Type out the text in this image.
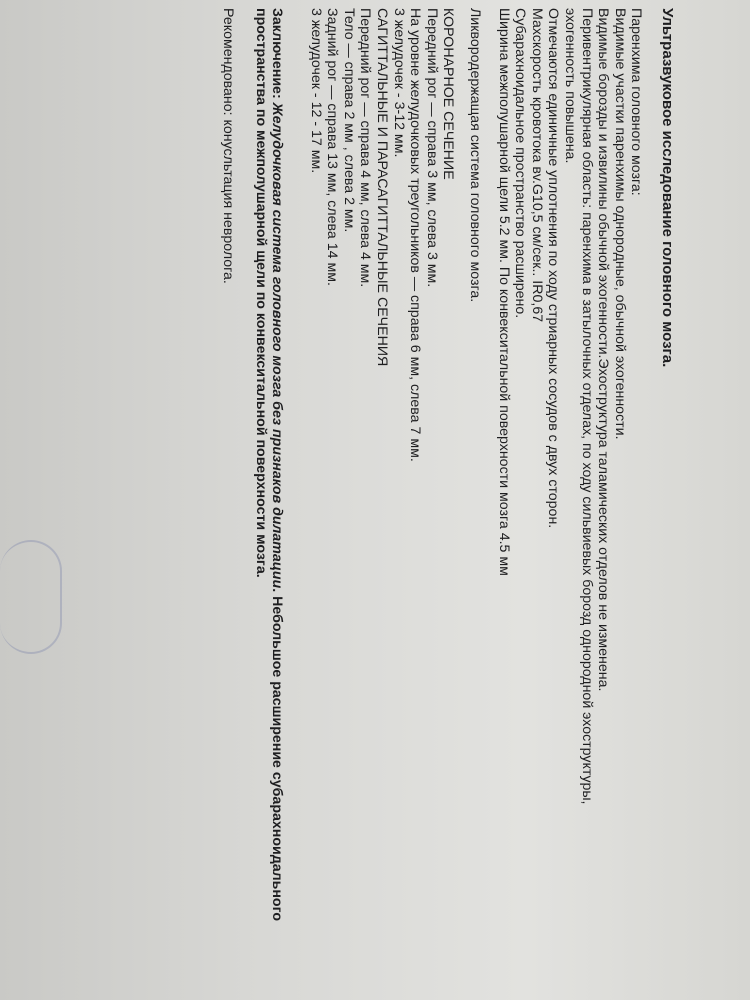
Ультразвуковое исследование головного мозга.
Паренхима головного мозга:
Видимые участки паренхимы однородные, обычной эхогенности.
Видимые борозды и извилины обычной эхогенности.Эхоструктура таламических отделов не изменена.
Перивентрикулярная область: паренхима в затылочных отделах, по ходу сильвиевых борозд однородной эхоструктуры,
эхогенность повышена.
Отмечаются единичные уплотнения по ходу стриарных сосудов с двух сторон.
Махскорость кровотока вv.G10,5 см/сек.. IR0,67
Субарахноидальное пространство расширено.
Ширина межполушарной щели 5.2 мм. По конвекситальной поверхности мозга 4.5 мм
Ликвородержащая система головного мозга.
КОРОНАРНОЕ СЕЧЕНИЕ
Передний рог — справа 3 мм, слева 3 мм.
На уровне желудочковых треугольников — справа 6 мм, слева 7 мм.
3 желудочек - 3-12 мм.
САГИТТАЛЬНЫЕ И ПАРАСАГИТТАЛЬНЫЕ СЕЧЕНИЯ
Передний рог — справа 4 мм, слева 4 мм.
Тело — справа 2 мм , слева 2 мм.
Задний рог — справа 13 мм, слева 14 мм.
3 желудочек - 12 - 17 мм.
Заключение: Желудочковая система головного мозга без признаков дилатации. Небольшое расширение субарахноидального пространства по межполушарной щели по конвекситальной поверхности мозга.
Рекомендовано: конусльтация невролога.
